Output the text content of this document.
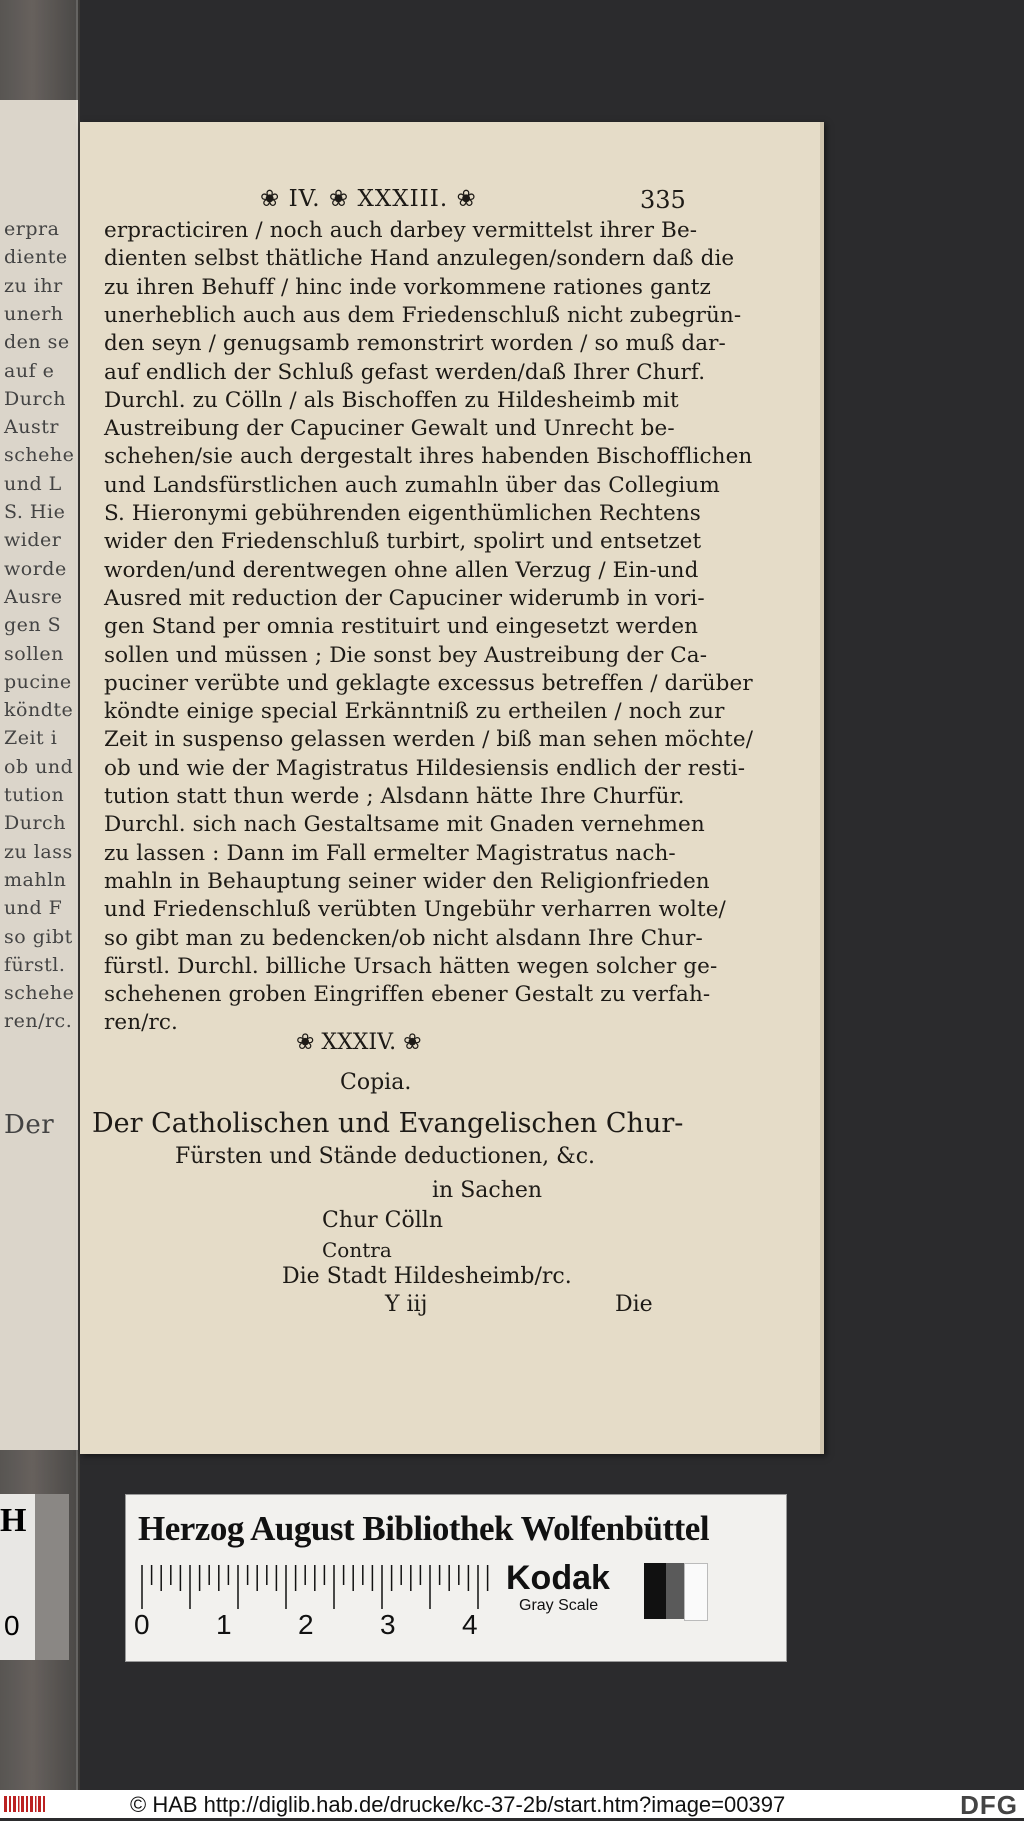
erpra
diente
zu ihr
unerh
den se
auf e
Durch
Austr
schehe
und L
S. Hie
wider
worde
Ausre
gen S
sollen
pucine
köndte
Zeit i
ob und
tution
Durch
zu lass
mahln
und F
so gibt
fürstl.
schehe
ren/rc.
Der
❀ IV. ❀ XXXIII. ❀	335
erpracticiren / noch auch darbey vermittelst ihrer Be-
dienten selbst thätliche Hand anzulegen/sondern daß die
zu ihren Behuff / hinc inde vorkommene rationes gantz
unerheblich auch aus dem Friedenschluß nicht zubegrün-
den seyn / genugsamb remonstrirt worden / so muß dar-
auf endlich der Schluß gefast werden/daß Ihrer Churf.
Durchl. zu Cölln / als Bischoffen zu Hildesheimb mit
Austreibung der Capuciner Gewalt und Unrecht be-
schehen/sie auch dergestalt ihres habenden Bischofflichen
und Landsfürstlichen auch zumahln über das Collegium
S. Hieronymi gebührenden eigenthümlichen Rechtens
wider den Friedenschluß turbirt, spolirt und entsetzet
worden/und derentwegen ohne allen Verzug / Ein-und
Ausred mit reduction der Capuciner widerumb in vori-
gen Stand per omnia restituirt und eingesetzt werden
sollen und müssen ; Die sonst bey Austreibung der Ca-
puciner verübte und geklagte excessus betreffen / darüber
köndte einige special Erkänntniß zu ertheilen / noch zur
Zeit in suspenso gelassen werden / biß man sehen möchte/
ob und wie der Magistratus Hildesiensis endlich der resti-
tution statt thun werde ; Alsdann hätte Ihre Churfür.
Durchl. sich nach Gestaltsame mit Gnaden vernehmen
zu lassen : Dann im Fall ermelter Magistratus nach-
mahln in Behauptung seiner wider den Religionfrieden
und Friedenschluß verübten Ungebühr verharren wolte/
so gibt man zu bedencken/ob nicht alsdann Ihre Chur-
fürstl. Durchl. billiche Ursach hätten wegen solcher ge-
schehenen groben Eingriffen ebener Gestalt zu verfah-
ren/rc.
❀ XXXIV. ❀
Copia.
Der Catholischen und Evangelischen Chur-
Fürsten und Stände deductionen, &c.
in Sachen
Chur Cölln
Contra
Die Stadt Hildesheimb/rc.
Y iij	Die
H
0
Herzog August Bibliothek Wolfenbüttel
0 1 2 3 4
Kodak
Gray Scale
© HAB http://diglib.hab.de/drucke/kc-37-2b/start.htm?image=00397	DFG
